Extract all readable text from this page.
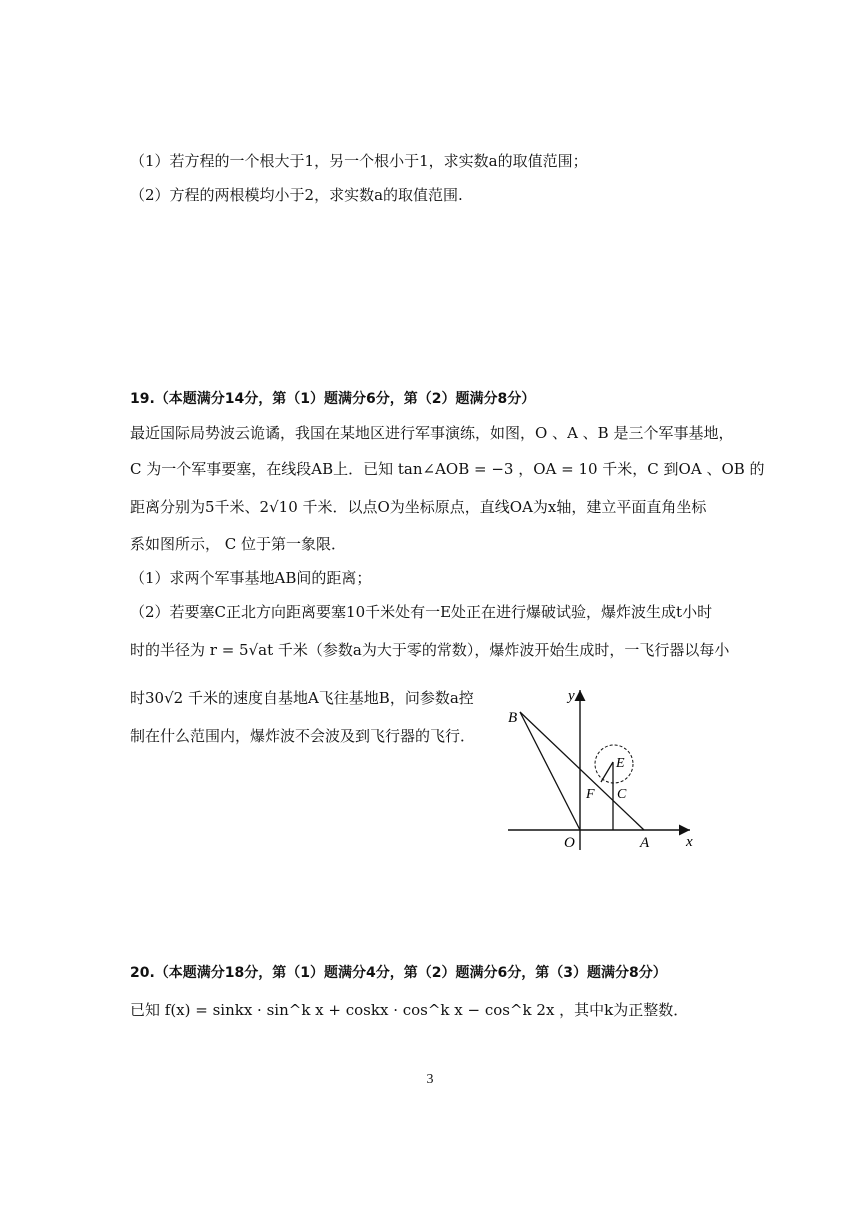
（1）若方程的一个根大于1，另一个根小于1，求实数a的取值范围；
（2）方程的两根模均小于2，求实数a的取值范围.
19.（本题满分14分，第（1）题满分6分，第（2）题满分8分）
最近国际局势波云诡谲，我国在某地区进行军事演练，如图，O 、A 、B 是三个军事基地，
C 为一个军事要塞，在线段AB上．已知 tan∠AOB = −3 ，OA = 10 千米，C 到OA 、OB 的
距离分别为5千米、2√10 千米．以点O为坐标原点，直线OA为x轴，建立平面直角坐标
系如图所示， C 位于第一象限．
（1）求两个军事基地AB间的距离；
（2）若要塞C正北方向距离要塞10千米处有一E处正在进行爆破试验，爆炸波生成t小时
时的半径为 r = 5√at 千米（参数a为大于零的常数），爆炸波开始生成时，一飞行器以每小
时30√2 千米的速度自基地A飞往基地B，问参数a控
制在什么范围内，爆炸波不会波及到飞行器的飞行．
y
x
B
E
F C
O	A
20.（本题满分18分，第（1）题满分4分，第（2）题满分6分，第（3）题满分8分）
已知 f(x) = sinkx · sin^k x + coskx · cos^k x − cos^k 2x ，其中k为正整数．
3
